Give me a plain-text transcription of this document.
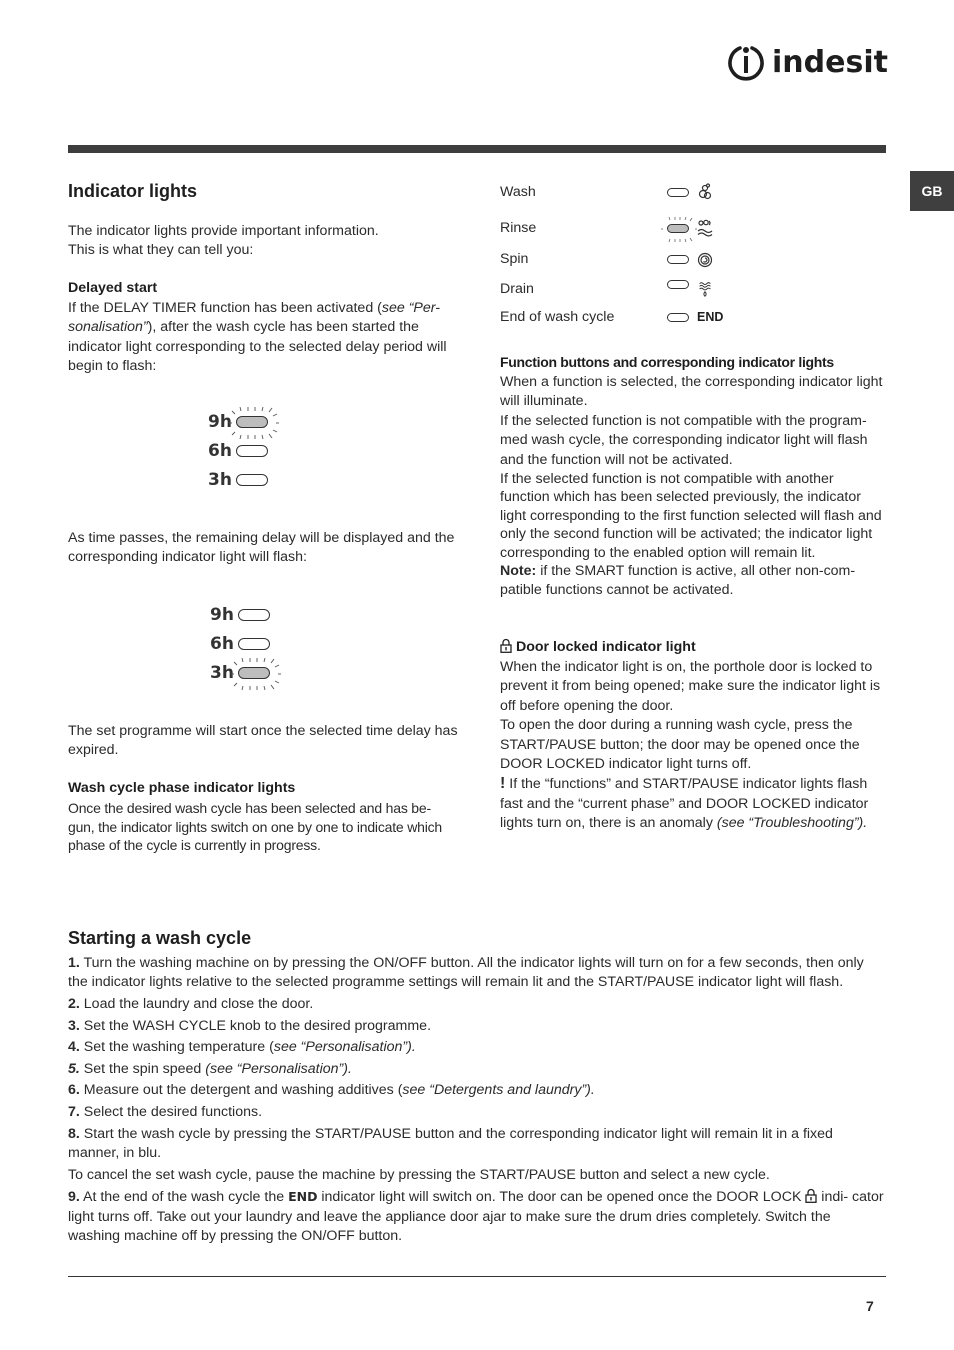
indesit
GB
Indicator lights

The indicator lights provide important information.

This is what they can tell you:

Delayed start

If the DELAY TIMER function has been activated (see “Per- sonalisation”), after the wash cycle has been started the indicator light corresponding to the selected delay period will begin to flash:

9h
6h
3h

As time passes, the remaining delay will be displayed and the corresponding indicator light will flash:

9h
6h
3h

The set programme will start once the selected time delay has expired.

Wash cycle phase indicator lights

Once the desired wash cycle has been selected and has be- gun, the indicator lights switch on one by one to indicate which phase of the cycle is currently in progress.

Wash
Rinse
Spin
Drain
End of wash cycle	END

Function buttons and corresponding indicator lights

When a function is selected, the corresponding indicator light will illuminate.

If the selected function is not compatible with the program- med wash cycle, the corresponding indicator light will flash and the function will not be activated.

If the selected function is not compatible with another function which has been selected previously, the indicator light corresponding to the first function selected will flash and only the second function will be activated; the indicator light corresponding to the enabled option will remain lit.

Note: if the SMART function is active, all other non-com- patible functions cannot be activated.

Door locked indicator light

When the indicator light is on, the porthole door is locked to prevent it from being opened; make sure the indicator light is off before opening the door.

To open the door during a running wash cycle, press the START/PAUSE button; the door may be opened once the DOOR LOCKED indicator light turns off.

! If the “functions” and START/PAUSE indicator lights flash fast and the “current phase” and DOOR LOCKED indicator lights turn on, there is an anomaly (see “Troubleshooting”).

Starting a wash cycle

1. Turn the washing machine on by pressing the ON/OFF button. All the indicator lights will turn on for a few seconds, then only the indicator lights relative to the selected programme settings will remain lit and the START/PAUSE indicator light will flash.

2. Load the laundry and close the door.

3. Set the WASH CYCLE knob to the desired programme.

4. Set the washing temperature (see “Personalisation”).

5. Set the spin speed (see “Personalisation”).

6. Measure out the detergent and washing additives (see “Detergents and laundry”).

7. Select the desired functions.

8. Start the wash cycle by pressing the START/PAUSE button and the corresponding indicator light will remain lit in a fixed manner, in blu.

To cancel the set wash cycle, pause the machine by pressing the START/PAUSE button and select a new cycle.

9. At the end of the wash cycle the END indicator light will switch on. The door can be opened once the DOOR LOCK  indi- cator light turns off. Take out your laundry and leave the appliance door ajar to make sure the drum dries completely. Switch the washing machine off by pressing the ON/OFF button.

7
